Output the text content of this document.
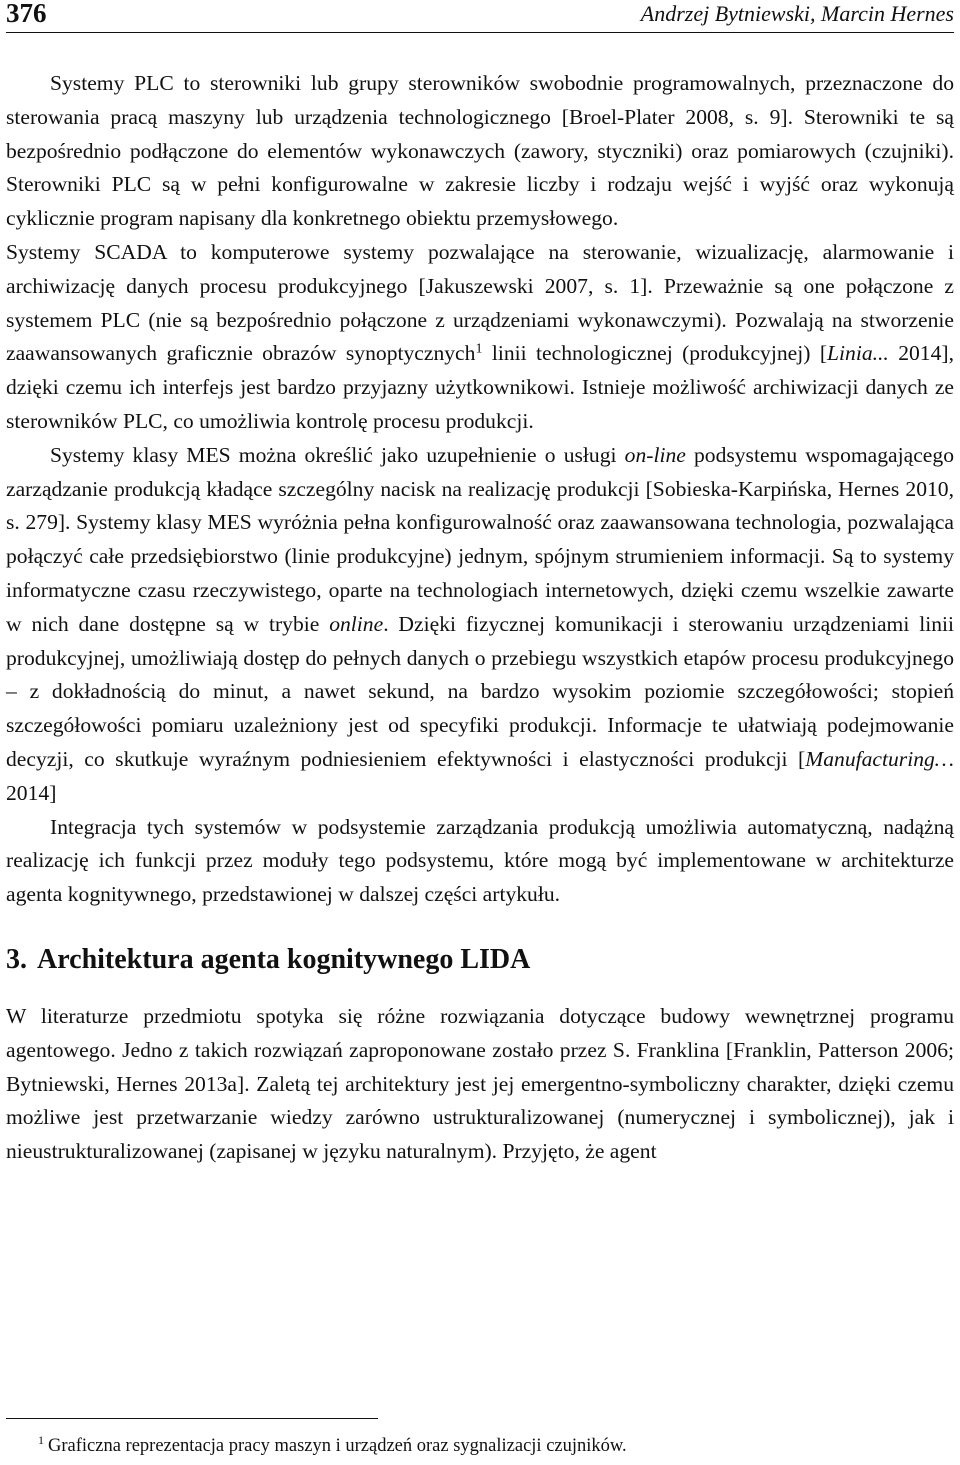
376	Andrzej Bytniewski, Marcin Hernes

Systemy PLC to sterowniki lub grupy sterowników swobodnie programowalnych, przeznaczone do sterowania pracą maszyny lub urządzenia technologicznego [Broel-Plater 2008, s. 9]. Sterowniki te są bezpośrednio podłączone do elementów wykonawczych (zawory, styczniki) oraz pomiarowych (czujniki). Sterowniki PLC są w pełni konfigurowalne w zakresie liczby i rodzaju wejść i wyjść oraz wykonują cyklicznie program napisany dla konkretnego obiektu przemysłowego.

Systemy SCADA to komputerowe systemy pozwalające na sterowanie, wizualizację, alarmowanie i archiwizację danych procesu produkcyjnego [Jakuszewski 2007, s. 1]. Przeważnie są one połączone z systemem PLC (nie są bezpośrednio połączone z urządzeniami wykonawczymi). Pozwalają na stworzenie zaawansowanych graficznie obrazów synoptycznych$^1$ linii technologicznej (produkcyjnej) [Linia... 2014], dzięki czemu ich interfejs jest bardzo przyjazny użytkownikowi. Istnieje możliwość archiwizacji danych ze sterowników PLC, co umożliwia kontrolę procesu produkcji.

Systemy klasy MES można określić jako uzupełnienie o usługi on-line podsystemu wspomagającego zarządzanie produkcją kładące szczególny nacisk na realizację produkcji [Sobieska-Karpińska, Hernes 2010, s. 279]. Systemy klasy MES wyróżnia pełna konfigurowalność oraz zaawansowana technologia, pozwalająca połączyć całe przedsiębiorstwo (linie produkcyjne) jednym, spójnym strumieniem informacji. Są to systemy informatyczne czasu rzeczywistego, oparte na technologiach internetowych, dzięki czemu wszelkie zawarte w nich dane dostępne są w trybie online. Dzięki fizycznej komunikacji i sterowaniu urządzeniami linii produkcyjnej, umożliwiają dostęp do pełnych danych o przebiegu wszystkich etapów procesu produkcyjnego – z dokładnością do minut, a nawet sekund, na bardzo wysokim poziomie szczegółowości; stopień szczegółowości pomiaru uzależniony jest od specyfiki produkcji. Informacje te ułatwiają podejmowanie decyzji, co skutkuje wyraźnym podniesieniem efektywności i elastyczności produkcji [Manufacturing… 2014]

Integracja tych systemów w podsystemie zarządzania produkcją umożliwia automatyczną, nadążną realizację ich funkcji przez moduły tego podsystemu, które mogą być implementowane w architekturze agenta kognitywnego, przedstawionej w dalszej części artykułu.

3. Architektura agenta kognitywnego LIDA

W literaturze przedmiotu spotyka się różne rozwiązania dotyczące budowy wewnętrznej programu agentowego. Jedno z takich rozwiązań zaproponowane zostało przez S. Franklina [Franklin, Patterson 2006; Bytniewski, Hernes 2013a]. Zaletą tej architektury jest jej emergentno-symboliczny charakter, dzięki czemu możliwe jest przetwarzanie wiedzy zarówno ustrukturalizowanej (numerycznej i symbolicznej), jak i nieustrukturalizowanej (zapisanej w języku naturalnym). Przyjęto, że agent

$^1$ Graficzna reprezentacja pracy maszyn i urządzeń oraz sygnalizacji czujników.
